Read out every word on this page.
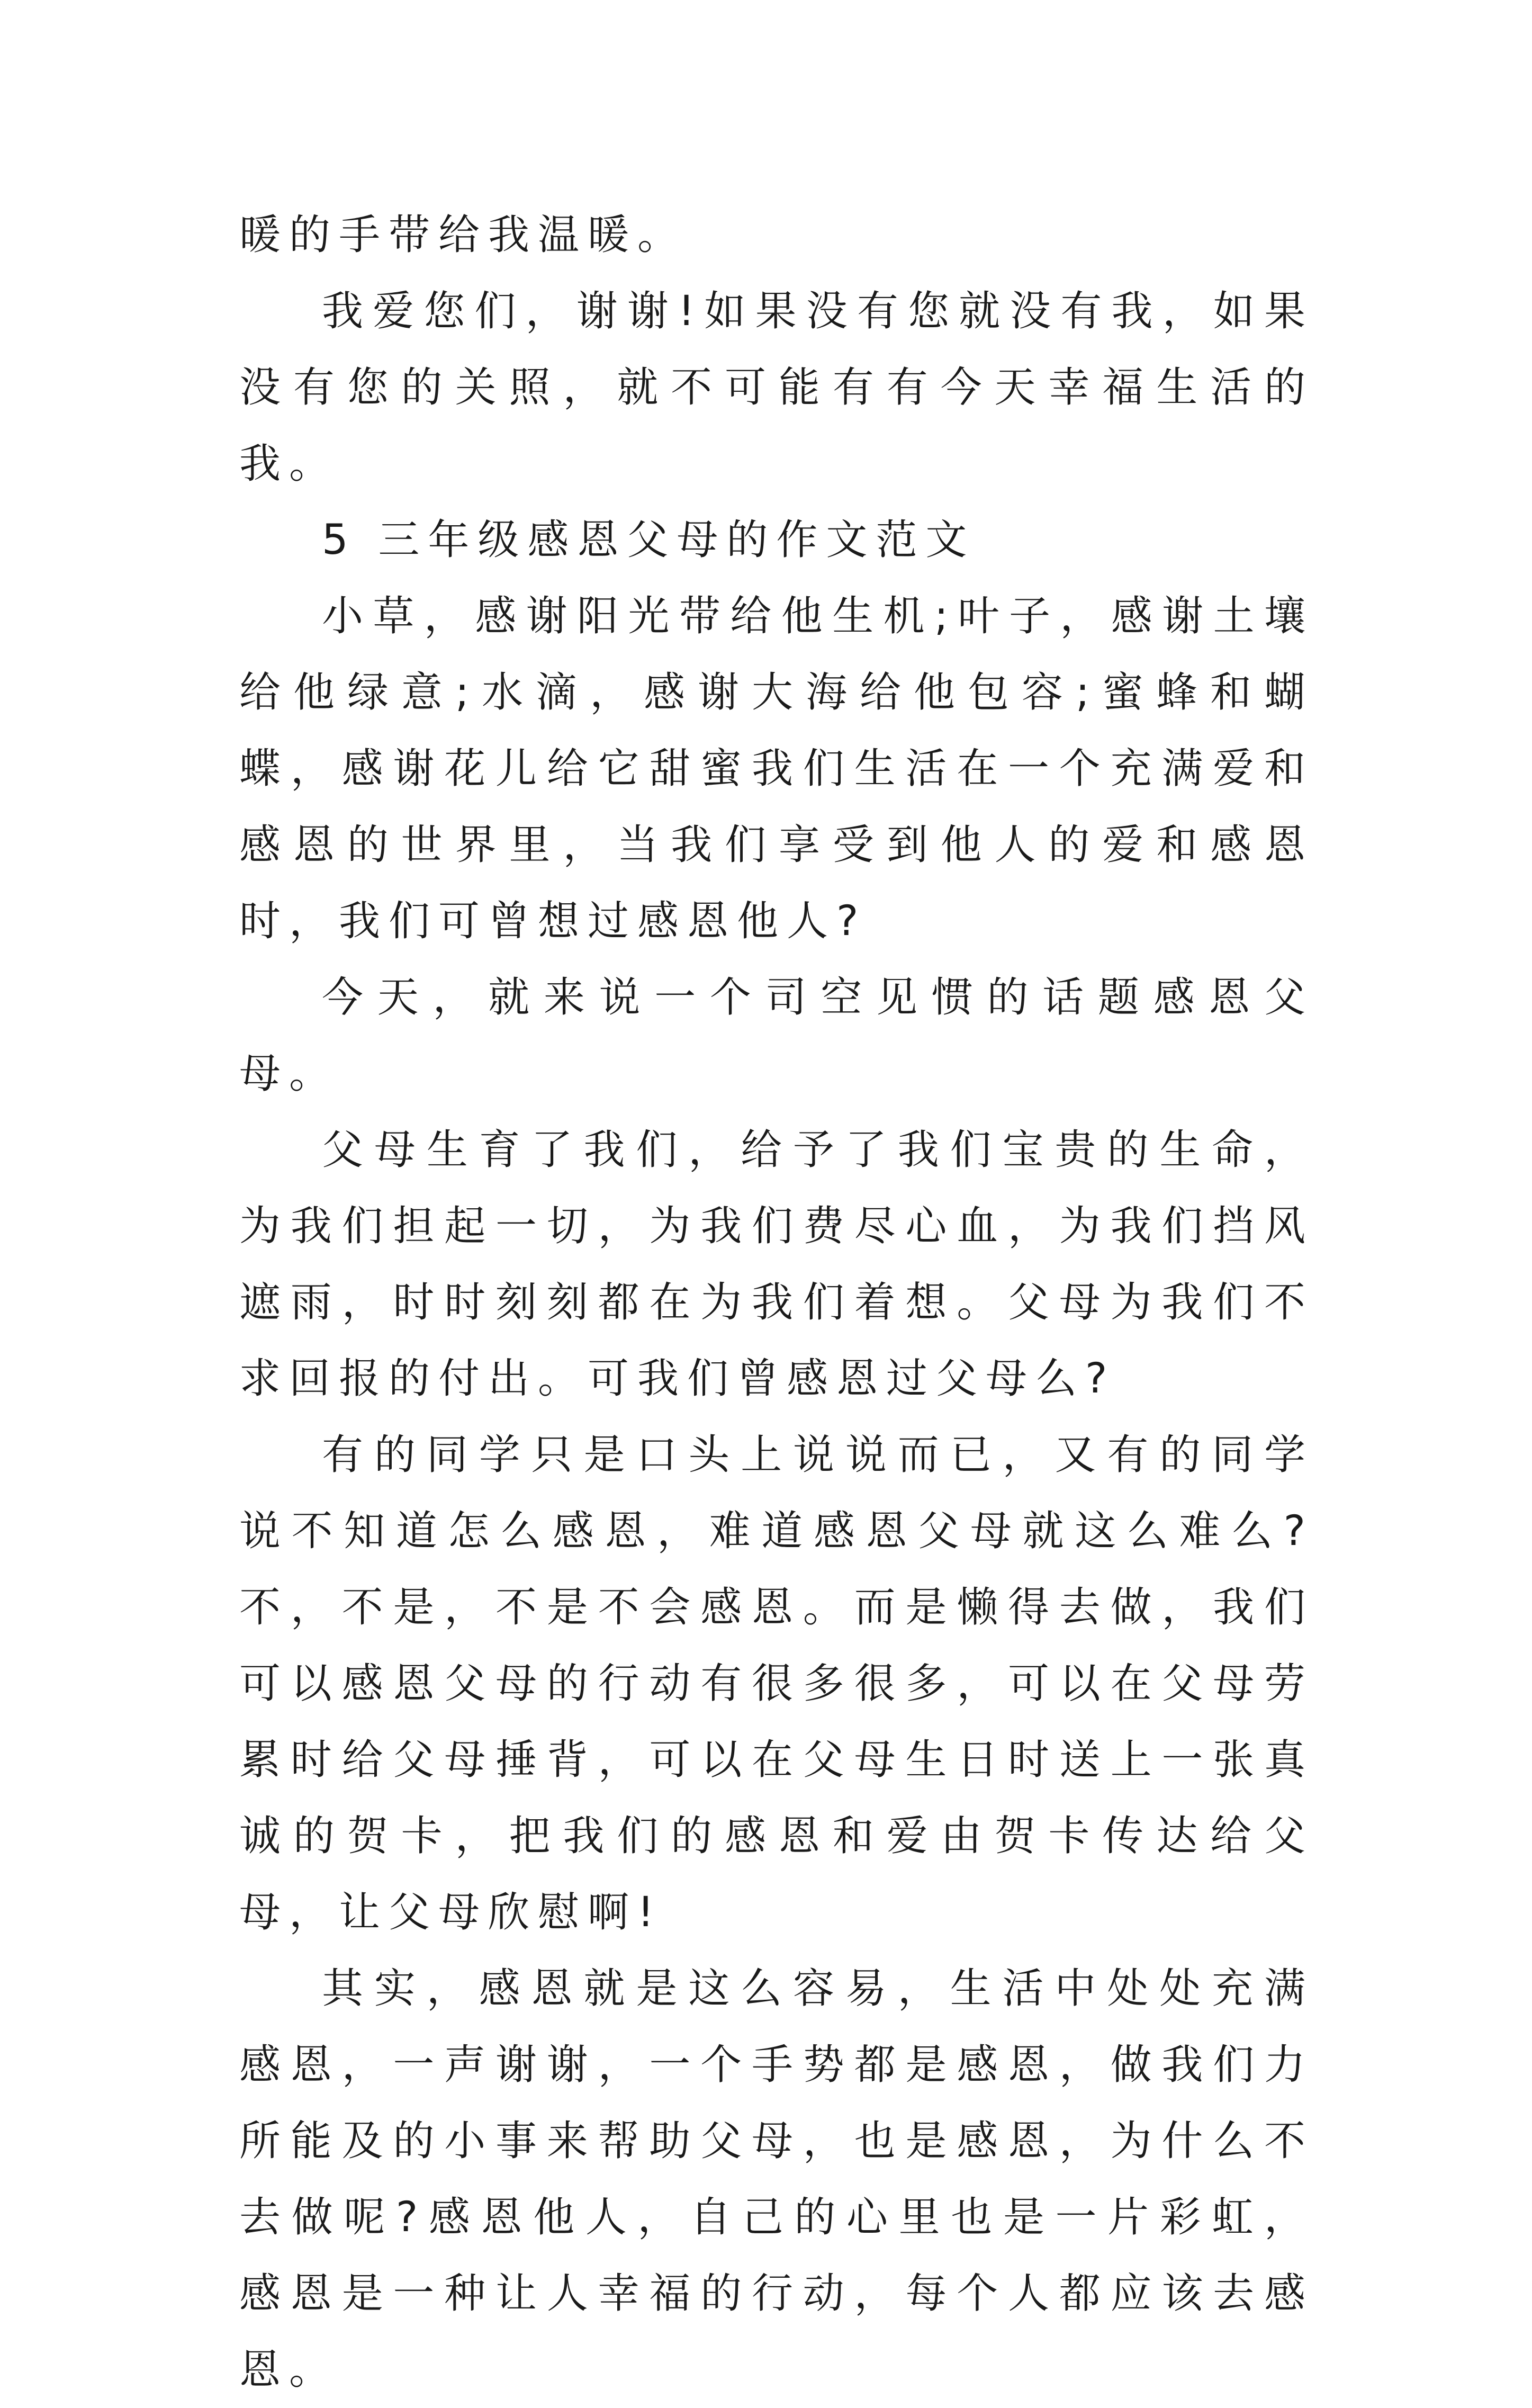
暖的手带给我温暖。

我爱您们，谢谢!如果没有您就没有我，如果没有您的关照，就不可能有有今天幸福生活的我。

5 三年级感恩父母的作文范文

小草，感谢阳光带给他生机;叶子，感谢土壤给他绿意;水滴，感谢大海给他包容;蜜蜂和蝴蝶，感谢花儿给它甜蜜我们生活在一个充满爱和感恩的世界里，当我们享受到他人的爱和感恩时，我们可曾想过感恩他人?

今天，就来说一个司空见惯的话题感恩父母。

父母生育了我们，给予了我们宝贵的生命，为我们担起一切，为我们费尽心血，为我们挡风遮雨，时时刻刻都在为我们着想。父母为我们不求回报的付出。可我们曾感恩过父母么?

有的同学只是口头上说说而已，又有的同学说不知道怎么感恩，难道感恩父母就这么难么?不，不是，不是不会感恩。而是懒得去做，我们可以感恩父母的行动有很多很多，可以在父母劳累时给父母捶背，可以在父母生日时送上一张真诚的贺卡，把我们的感恩和爱由贺卡传达给父母，让父母欣慰啊!

其实，感恩就是这么容易，生活中处处充满感恩，一声谢谢，一个手势都是感恩，做我们力所能及的小事来帮助父母，也是感恩，为什么不去做呢?感恩他人，自己的心里也是一片彩虹，感恩是一种让人幸福的行动，每个人都应该去感恩。
